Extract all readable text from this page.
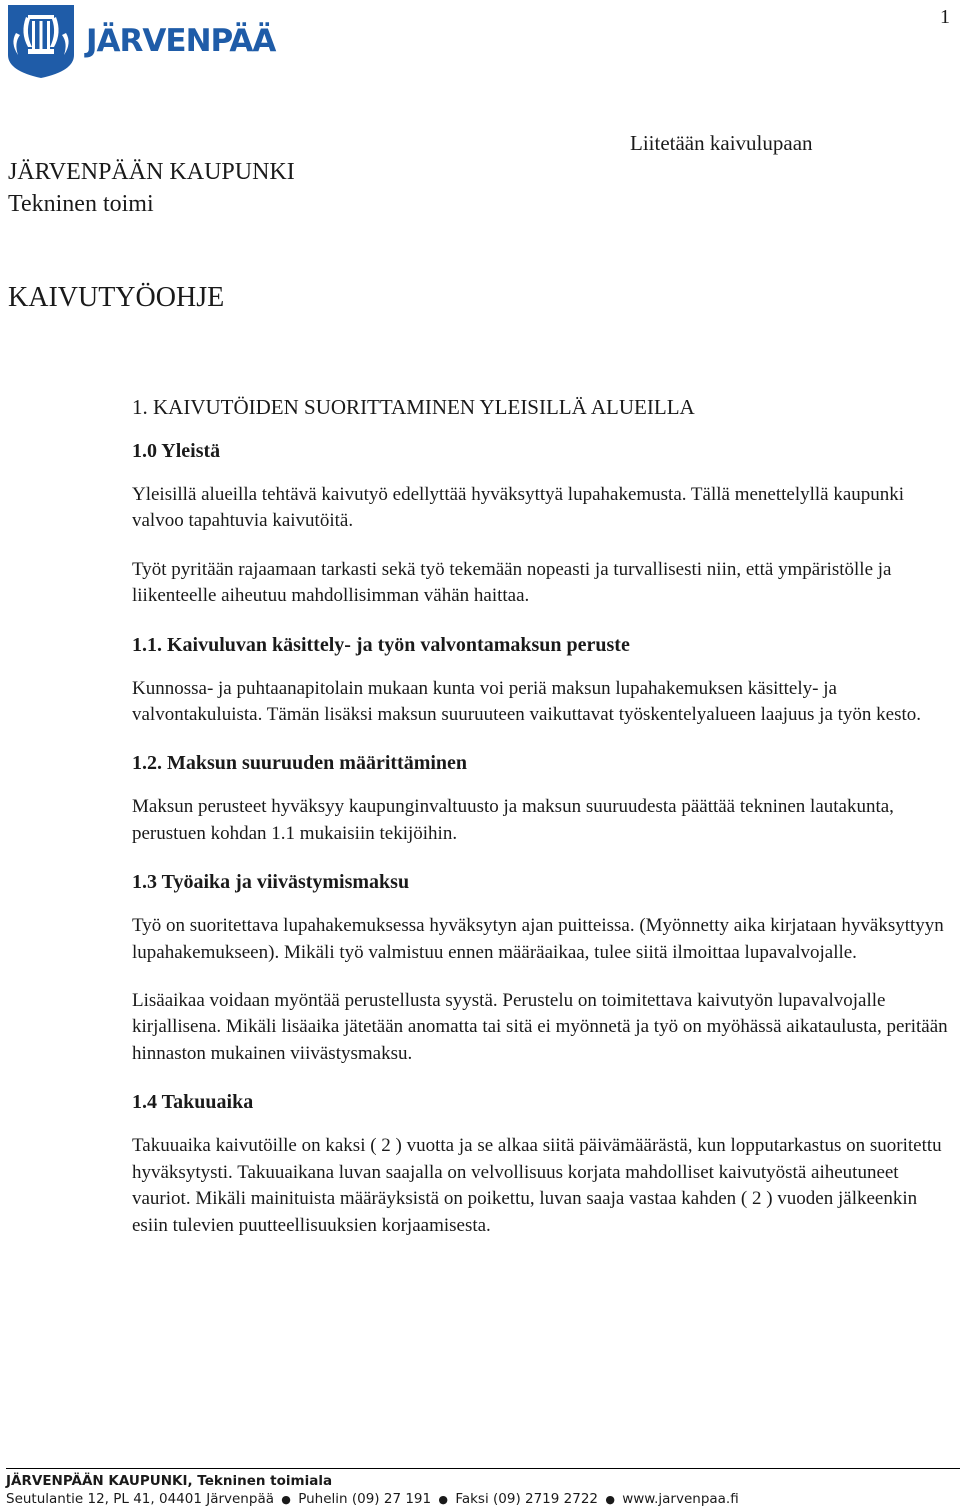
1
JÄRVENPÄÄ
JÄRVENPÄÄN KAUPUNKI
Tekninen toimi
Liitetään kaivulupaan
KAIVUTYÖOHJE
1. KAIVUTÖIDEN SUORITTAMINEN YLEISILLÄ ALUEILLA
1.0 Yleistä

Yleisillä alueilla tehtävä kaivutyö edellyttää hyväksyttyä lupahakemusta. Tällä menettelyllä kaupunki valvoo tapahtuvia kaivutöitä.

Työt pyritään rajaamaan tarkasti sekä työ tekemään nopeasti ja turvallisesti niin, että ympäristölle ja liikenteelle aiheutuu mahdollisimman vähän haittaa.

1.1. Kaivuluvan käsittely- ja työn valvontamaksun peruste

Kunnossa- ja puhtaanapitolain mukaan kunta voi periä maksun lupahakemuksen käsittely- ja valvontakuluista. Tämän lisäksi maksun suuruuteen vaikuttavat työskentelyalueen laajuus ja työn kesto.

1.2. Maksun suuruuden määrittäminen

Maksun perusteet hyväksyy kaupunginvaltuusto ja maksun suuruudesta päättää tekninen lautakunta, perustuen kohdan 1.1 mukaisiin tekijöihin.

1.3 Työaika ja viivästymismaksu

Työ on suoritettava lupahakemuksessa hyväksytyn ajan puitteissa. (Myönnetty aika kirjataan hyväksyttyyn lupahakemukseen). Mikäli työ valmistuu ennen määräaikaa, tulee siitä ilmoittaa lupavalvojalle.

Lisäaikaa voidaan myöntää perustellusta syystä. Perustelu on toimitettava kaivutyön lupavalvojalle kirjallisena. Mikäli lisäaika jätetään anomatta tai sitä ei myönnetä ja työ on myöhässä aikataulusta, peritään hinnaston mukainen viivästysmaksu.

1.4 Takuuaika

Takuuaika kaivutöille on kaksi ( 2 ) vuotta ja se alkaa siitä päivämäärästä, kun lopputarkastus on suoritettu hyväksytysti. Takuuaikana luvan saajalla on velvollisuus korjata mahdolliset kaivutyöstä aiheutuneet vauriot. Mikäli mainituista määräyksistä on poikettu, luvan saaja vastaa kahden ( 2 ) vuoden jälkeenkin esiin tulevien puutteellisuuksien korjaamisesta.

JÄRVENPÄÄN KAUPUNKI, Tekninen toimiala
Seutulantie 12, PL 41, 04401 Järvenpää ● Puhelin (09) 27 191 ● Faksi (09) 2719 2722 ● www.jarvenpaa.fi
